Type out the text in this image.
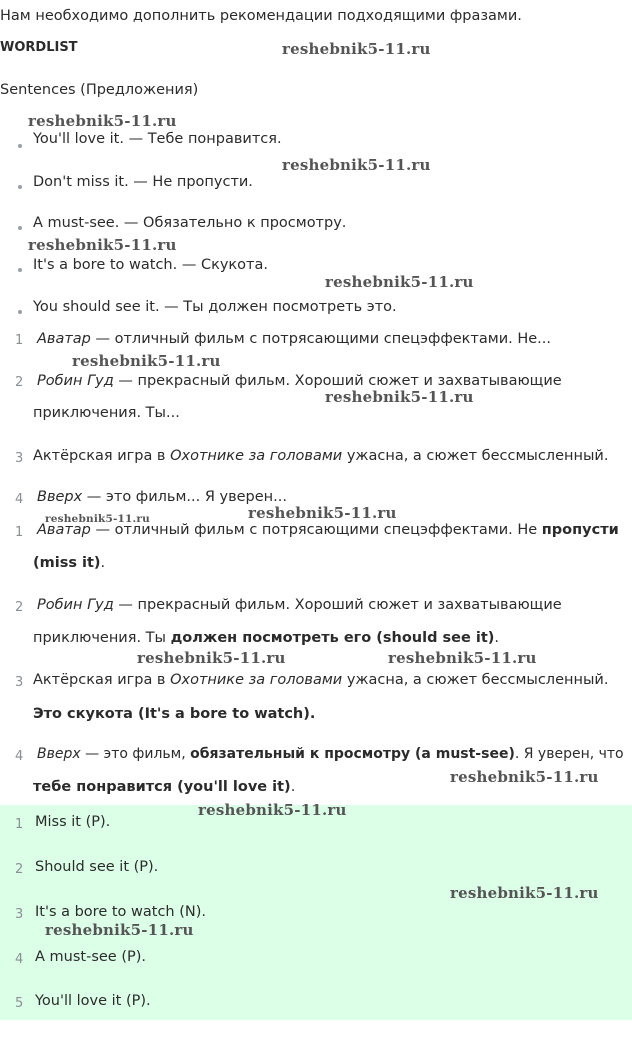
Нам необходимо дополнить рекомендации подходящими фразами.
WORDLIST
Sentences (Предложения)
You'll love it. — Тебе понравится.
Don't miss it. — Не пропусти.
A must-see. — Обязательно к просмотру.
It's a bore to watch. — Скукота.
You should see it. — Ты должен посмотреть это.
1 Аватар — отличный фильм с потрясающими спецэффектами. Не...
2 Робин Гуд — прекрасный фильм. Хороший сюжет и захватывающие
приключения. Ты...
3 Актёрская игра в Охотнике за головами ужасна, а сюжет бессмысленный.
4 Вверх — это фильм... Я уверен...
1 Аватар — отличный фильм с потрясающими спецэффектами. Не пропусти
(miss it).
2 Робин Гуд — прекрасный фильм. Хороший сюжет и захватывающие
приключения. Ты должен посмотреть его (should see it).
3 Актёрская игра в Охотнике за головами ужасна, а сюжет бессмысленный.
Это скукота (It's a bore to watch).
4 Вверх — это фильм, обязательный к просмотру (a must-see). Я уверен, что
тебе понравится (you'll love it).
1 Miss it (P).
2 Should see it (P).
3 It's a bore to watch (N).
4 A must-see (P).
5 You'll love it (P).
reshebnik5-11.ru
reshebnik5-11.ru
reshebnik5-11.ru
reshebnik5-11.ru
reshebnik5-11.ru
reshebnik5-11.ru
reshebnik5-11.ru
reshebnik5-11.ru	reshebnik5-11.ru
reshebnik5-11.ru	reshebnik5-11.ru
reshebnik5-11.ru
reshebnik5-11.ru
reshebnik5-11.ru
reshebnik5-11.ru
